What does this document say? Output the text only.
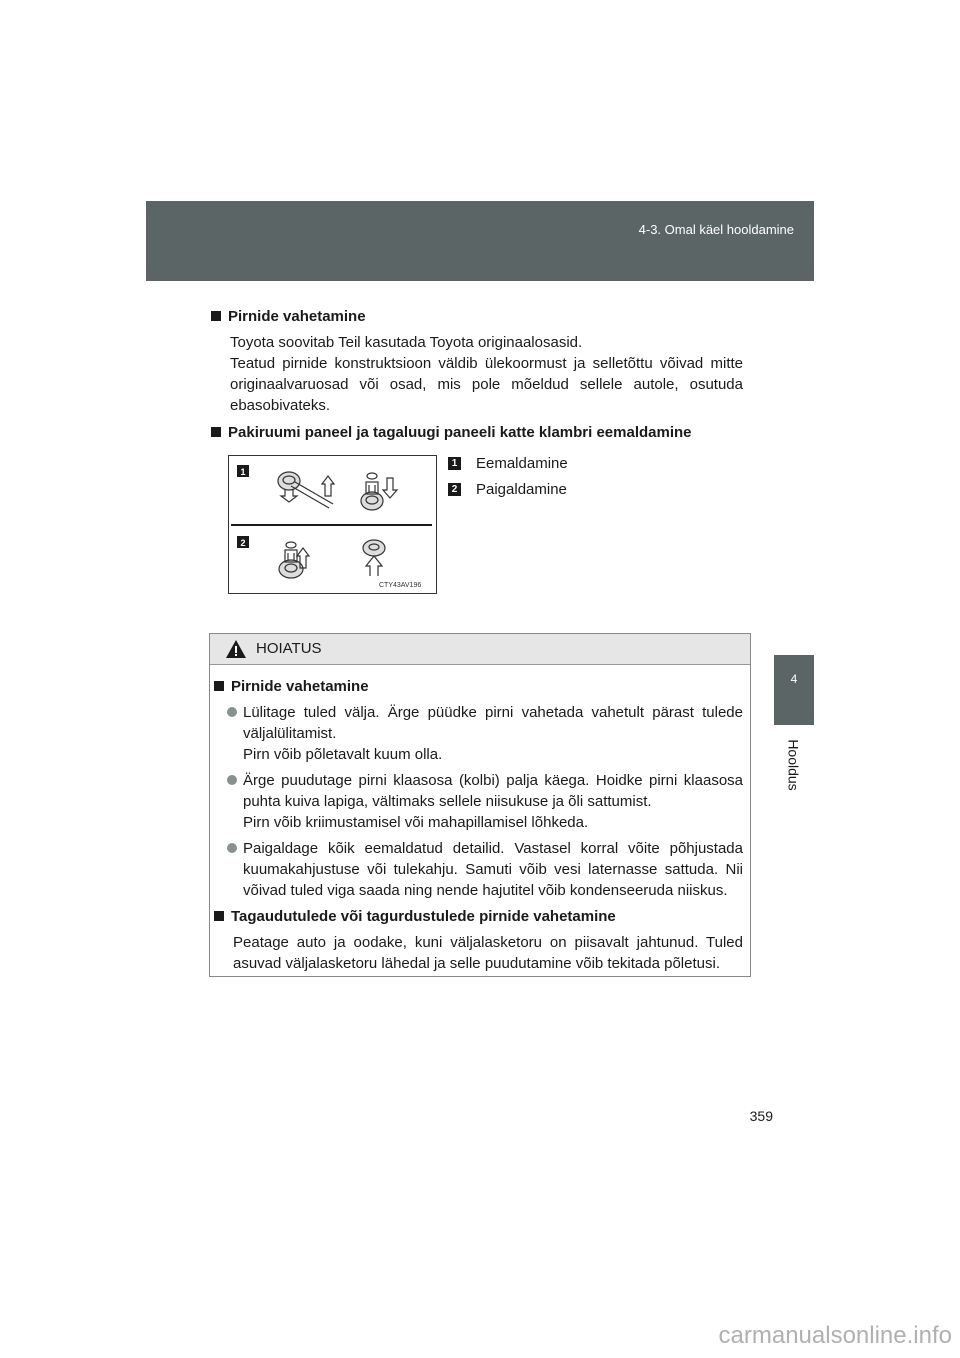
4-3. Omal käel hooldamine
4
Hooldus

Pirnide vahetamine

Toyota soovitab Teil kasutada Toyota originaalosasid.

Teatud pirnide konstruktsioon väldib ülekoormust ja selletõttu võivad mitte originaalvaruosad või osad, mis pole mõeldud sellele autole, osutuda ebasobivateks.

Pakiruumi paneel ja tagaluugi paneeli katte klambri eemaldamine

1
2
CTY43AV196
1 Eemaldamine
2 Paigaldamine
HOIATUS

Pirnide vahetamine

Lülitage tuled välja. Ärge püüdke pirni vahetada vahetult pärast tulede väljalülitamist.

Pirn võib põletavalt kuum olla.

Ärge puudutage pirni klaasosa (kolbi) palja käega. Hoidke pirni klaasosa puhta kuiva lapiga, vältimaks sellele niisukuse ja õli sattumist.

Pirn võib kriimustamisel või mahapillamisel lõhkeda.

Paigaldage kõik eemaldatud detailid. Vastasel korral võite põhjustada kuumakahjustuse või tulekahju. Samuti võib vesi laternasse sattuda. Nii võivad tuled viga saada ning nende hajutitel võib kondenseeruda niiskus.

Tagaudutulede või tagurdustulede pirnide vahetamine

Peatage auto ja oodake, kuni väljalasketoru on piisavalt jahtunud. Tuled asuvad väljalasketoru lähedal ja selle puudutamine võib tekitada põletusi.

359
carmanualsonline.info
